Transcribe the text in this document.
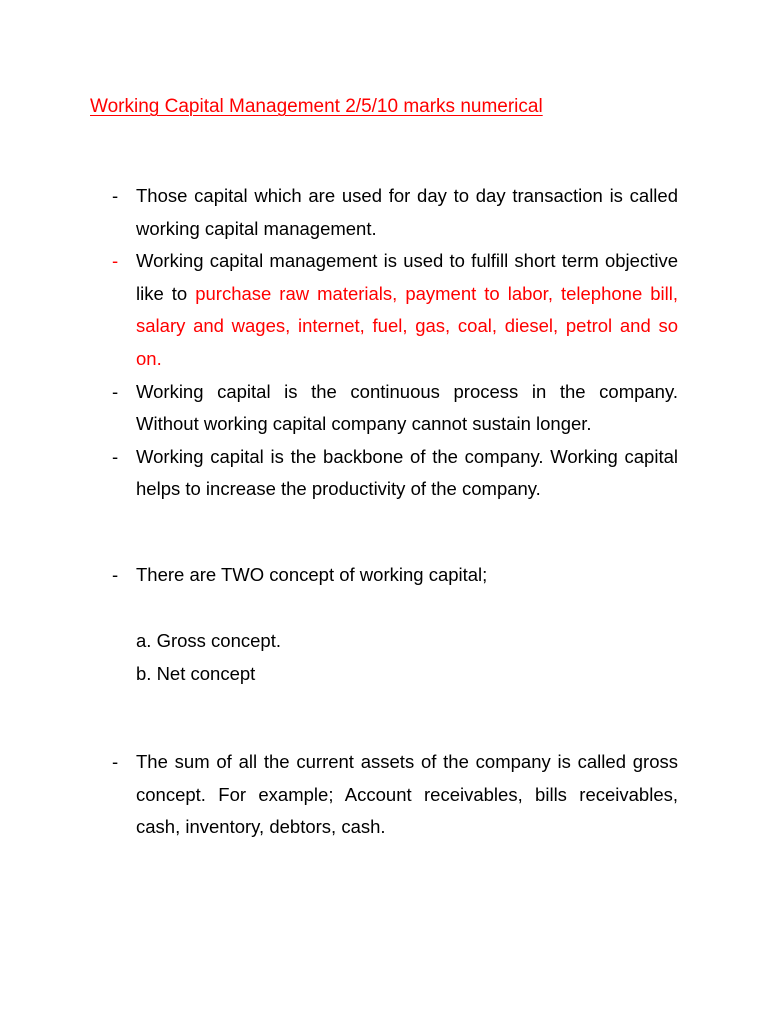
Working Capital Management 2/5/10 marks numerical
- Those capital which are used for day to day transaction is called working capital management.
- Working capital management is used to fulfill short term objective like to purchase raw materials, payment to labor, telephone bill, salary and wages, internet, fuel, gas, coal, diesel, petrol and so on.
- Working capital is the continuous process in the company. Without working capital company cannot sustain longer.
- Working capital is the backbone of the company. Working capital helps to increase the productivity of the company.
- There are TWO concept of working capital;
a. Gross concept.
b. Net concept
- The sum of all the current assets of the company is called gross concept. For example; Account receivables, bills receivables, cash, inventory, debtors, cash.
